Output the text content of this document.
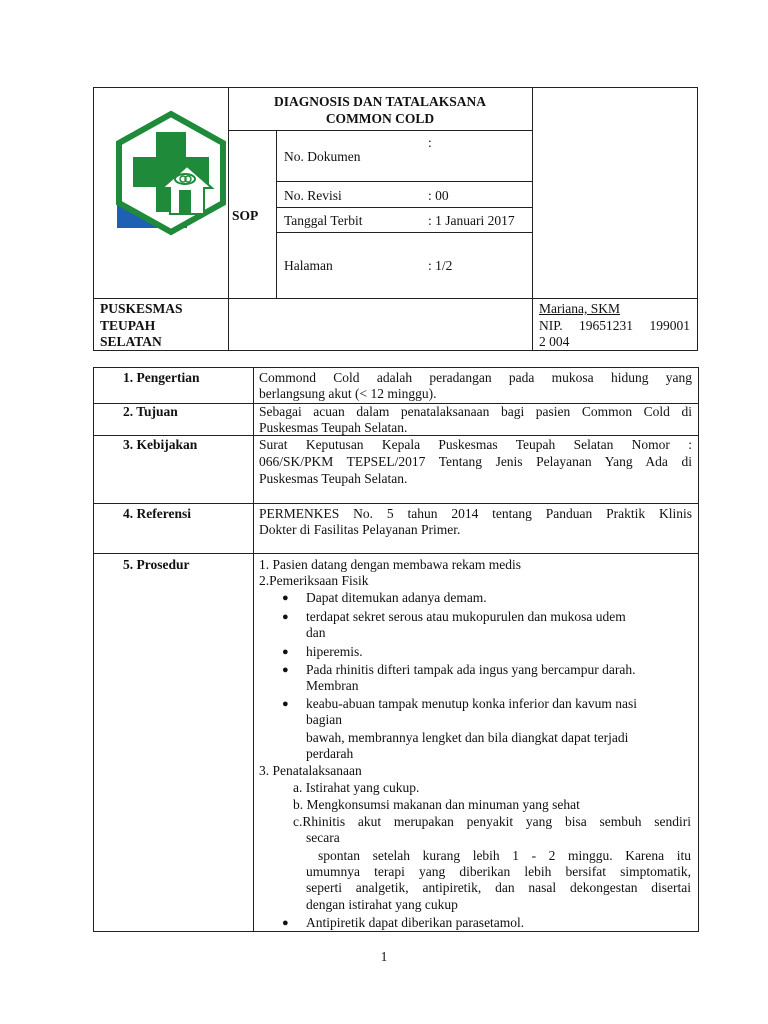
DIAGNOSIS DAN TATALAKSANA
COMMON COLD
SOP
No. Dokumen
:
No. Revisi	: 00
Tanggal Terbit	: 1 Januari 2017
Halaman	: 1/2
PUSKESMAS
TEUPAH
SELATAN
Mariana, SKM
NIP. 19651231 199001
2 004
1. Pengertian	Commond Cold adalah peradangan pada mukosa hidung yang
berlangsung akut (< 12 minggu).
2. Tujuan	Sebagai acuan dalam penatalaksanaan bagi pasien Common Cold di
Puskesmas Teupah Selatan.
3. Kebijakan	Surat Keputusan Kepala Puskesmas Teupah Selatan Nomor :
066/SK/PKM TEPSEL/2017 Tentang Jenis Pelayanan Yang Ada di
Puskesmas Teupah Selatan.
4. Referensi	PERMENKES No. 5 tahun 2014 tentang Panduan Praktik Klinis
Dokter di Fasilitas Pelayanan Primer.
5. Prosedur	1. Pasien datang dengan membawa rekam medis
2.Pemeriksaan Fisik
● Dapat ditemukan adanya demam.
● terdapat sekret serous atau mukopurulen dan mukosa udem
dan
● hiperemis.
● Pada rhinitis difteri tampak ada ingus yang bercampur darah.
Membran
● keabu-abuan tampak menutup konka inferior dan kavum nasi
bagian
bawah, membrannya lengket dan bila diangkat dapat terjadi
perdarah
3. Penatalaksanaan
a. Istirahat yang cukup.
b. Mengkonsumsi makanan dan minuman yang sehat
c.Rhinitis akut merupakan penyakit yang bisa sembuh sendiri
secara
spontan setelah kurang lebih 1 - 2 minggu. Karena itu
umumnya terapi yang diberikan lebih bersifat simptomatik,
seperti analgetik, antipiretik, dan nasal dekongestan disertai
dengan istirahat yang cukup
● Antipiretik dapat diberikan parasetamol.
1
